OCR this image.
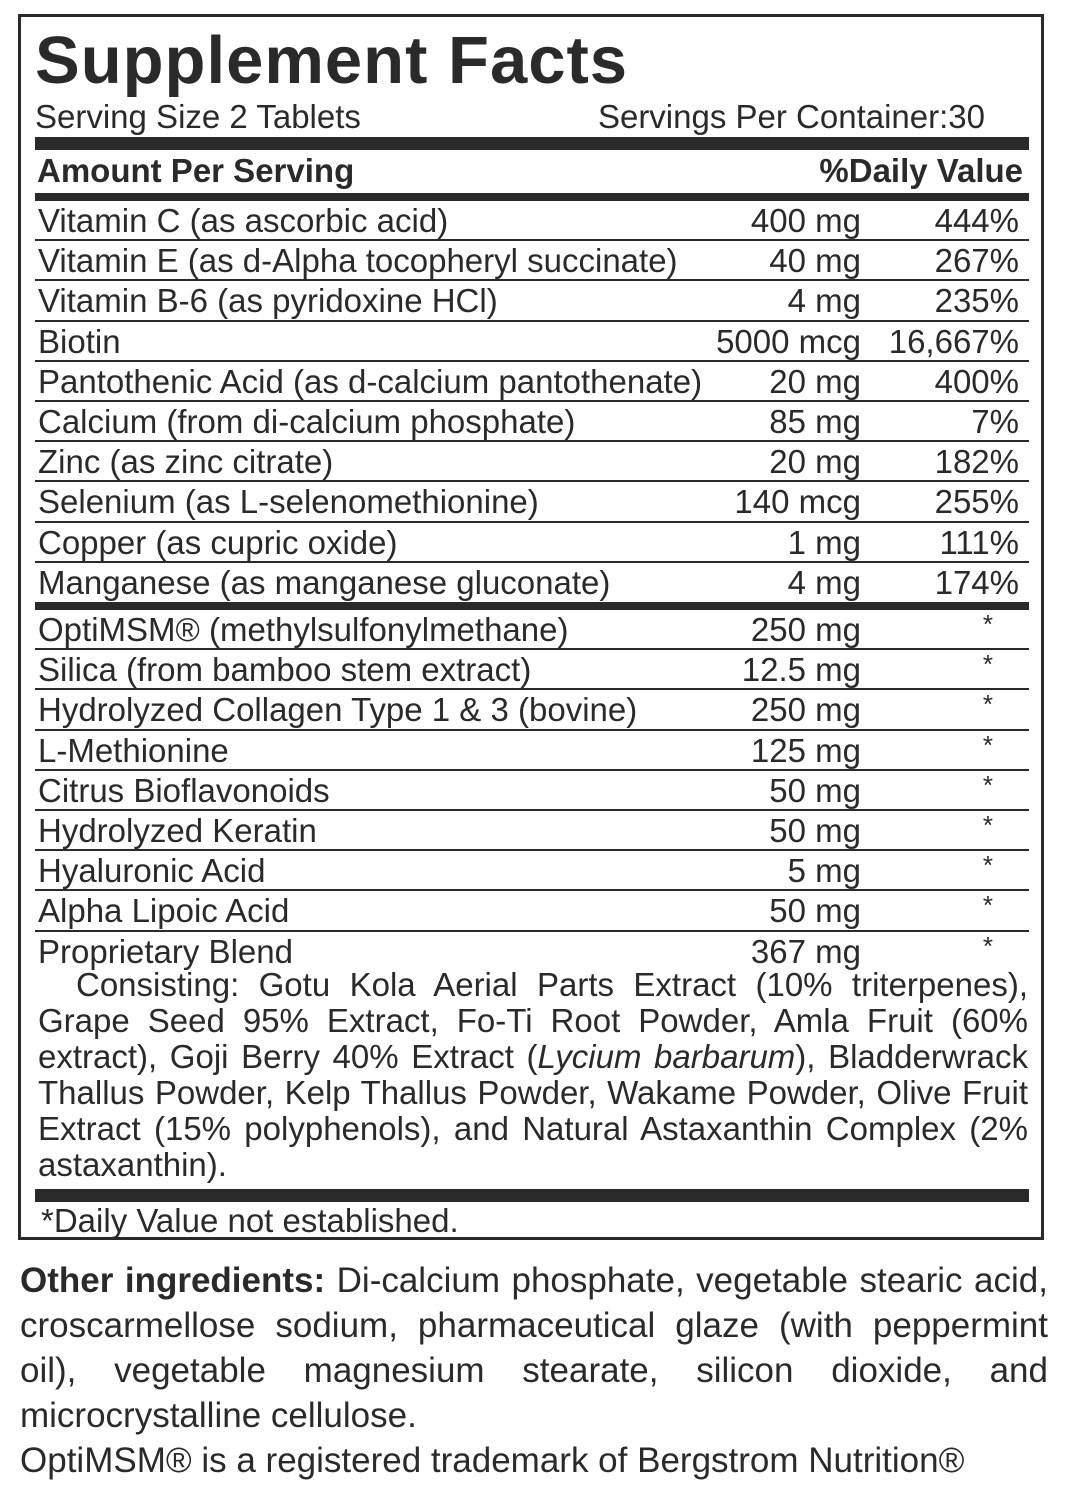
Supplement Facts
Serving Size 2 Tablets	Servings Per Container:30
Amount Per Serving	%Daily Value
Vitamin C (as ascorbic acid)	400 mg 444%
Vitamin E (as d-Alpha tocopheryl succinate)	40 mg 267%
Vitamin B-6 (as pyridoxine HCl)	4 mg 235%
Biotin	5000 mcg 16,667%
Pantothenic Acid (as d-calcium pantothenate) 20 mg 400%
Calcium (from di-calcium phosphate)	85 mg	7%
Zinc (as zinc citrate)	20 mg 182%
Selenium (as L-selenomethionine)	140 mcg 255%
Copper (as cupric oxide)	1 mg 111%
Manganese (as manganese gluconate)	4 mg 174%
OptiMSM® (methylsulfonylmethane)	250 mg	*
Silica (from bamboo stem extract)	12.5 mg	*
Hydrolyzed Collagen Type 1 & 3 (bovine)	250 mg	*
L-Methionine	125 mg	*
Citrus Bioflavonoids	50 mg	*
Hydrolyzed Keratin	50 mg	*
Hyaluronic Acid	5 mg	*
Alpha Lipoic Acid	50 mg	*
Proprietary Blend	367 mg	*
Consisting: Gotu Kola Aerial Parts Extract (10% triterpenes), Grape Seed 95% Extract, Fo-Ti Root Powder, Amla Fruit (60% extract), Goji Berry 40% Extract (Lycium barbarum), Bladderwrack Thallus Powder, Kelp Thallus Powder, Wakame Powder, Olive Fruit Extract (15% polyphenols), and Natural Astaxanthin Complex (2% astaxanthin).
*Daily Value not established.
Other ingredients: Di-calcium phosphate, vegetable stearic acid, croscarmellose sodium, pharmaceutical glaze (with peppermint oil), vegetable magnesium stearate, silicon dioxide, and microcrystalline cellulose.
OptiMSM® is a registered trademark of Bergstrom Nutrition®
